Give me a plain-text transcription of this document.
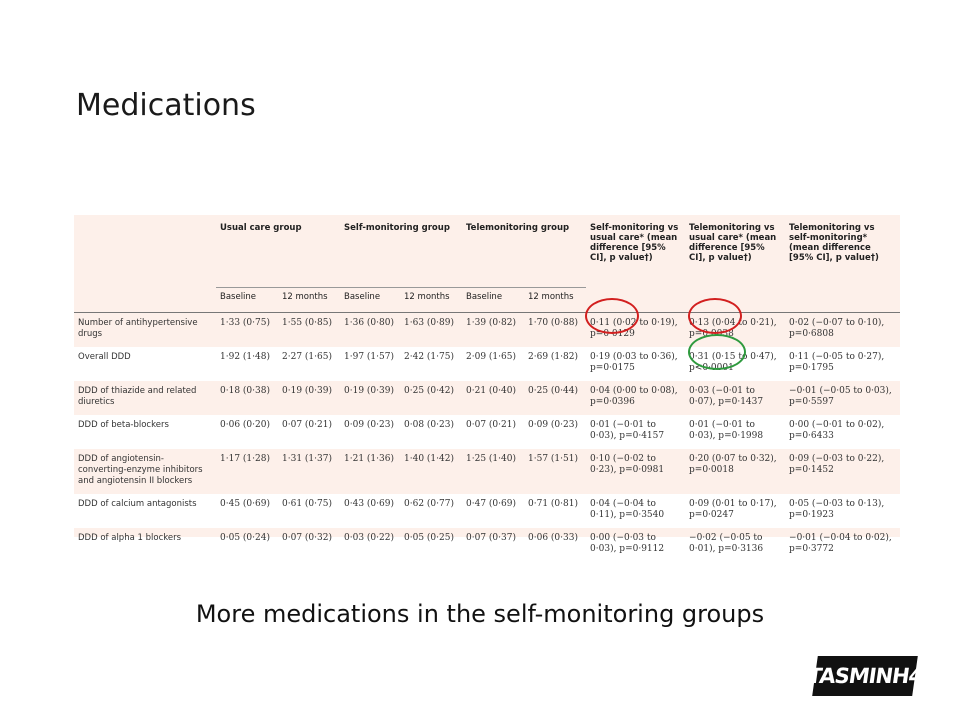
Medications
	Usual care group		Self-monitoring group		Telemonitoring group		Self-monitoring vs usual care* (mean difference [95% CI], p value†)	Telemonitoring vs usual care* (mean difference [95% CI], p value†)	Telemonitoring vs self-monitoring* (mean difference [95% CI], p value†)
	Baseline	12 months	Baseline	12 months	Baseline	12 months			
Number of antihypertensive drugs	1·33 (0·75)	1·55 (0·85)	1·36 (0·80)	1·63 (0·89)	1·39 (0·82)	1·70 (0·88)	0·11 (0·02 to 0·19), p=0·0129	0·13 (0·04 to 0·21), p=0·0038	0·02 (−0·07 to 0·10), p=0·6808
Overall DDD	1·92 (1·48)	2·27 (1·65)	1·97 (1·57)	2·42 (1·75)	2·09 (1·65)	2·69 (1·82)	0·19 (0·03 to 0·36), p=0·0175	0·31 (0·15 to 0·47), p<0·0001	0·11 (−0·05 to 0·27), p=0·1795
DDD of thiazide and related diuretics	0·18 (0·38)	0·19 (0·39)	0·19 (0·39)	0·25 (0·42)	0·21 (0·40)	0·25 (0·44)	0·04 (0·00 to 0·08), p=0·0396	0·03 (−0·01 to 0·07), p=0·1437	−0·01 (−0·05 to 0·03), p=0·5597
DDD of beta-blockers	0·06 (0·20)	0·07 (0·21)	0·09 (0·23)	0·08 (0·23)	0·07 (0·21)	0·09 (0·23)	0·01 (−0·01 to 0·03), p=0·4157	0·01 (−0·01 to 0·03), p=0·1998	0·00 (−0·01 to 0·02), p=0·6433
DDD of angiotensin-converting-enzyme inhibitors and angiotensin II blockers	1·17 (1·28)	1·31 (1·37)	1·21 (1·36)	1·40 (1·42)	1·25 (1·40)	1·57 (1·51)	0·10 (−0·02 to 0·23), p=0·0981	0·20 (0·07 to 0·32), p=0·0018	0·09 (−0·03 to 0·22), p=0·1452
DDD of calcium antagonists	0·45 (0·69)	0·61 (0·75)	0·43 (0·69)	0·62 (0·77)	0·47 (0·69)	0·71 (0·81)	0·04 (−0·04 to 0·11), p=0·3540	0·09 (0·01 to 0·17), p=0·0247	0·05 (−0·03 to 0·13), p=0·1923
DDD of alpha 1 blockers	0·05 (0·24)	0·07 (0·32)	0·03 (0·22)	0·05 (0·25)	0·07 (0·37)	0·06 (0·33)	0·00 (−0·03 to 0·03), p=0·9112	−0·02 (−0·05 to 0·01), p=0·3136	−0·01 (−0·04 to 0·02), p=0·3772
More medications in the self-monitoring groups
TASMINH4
